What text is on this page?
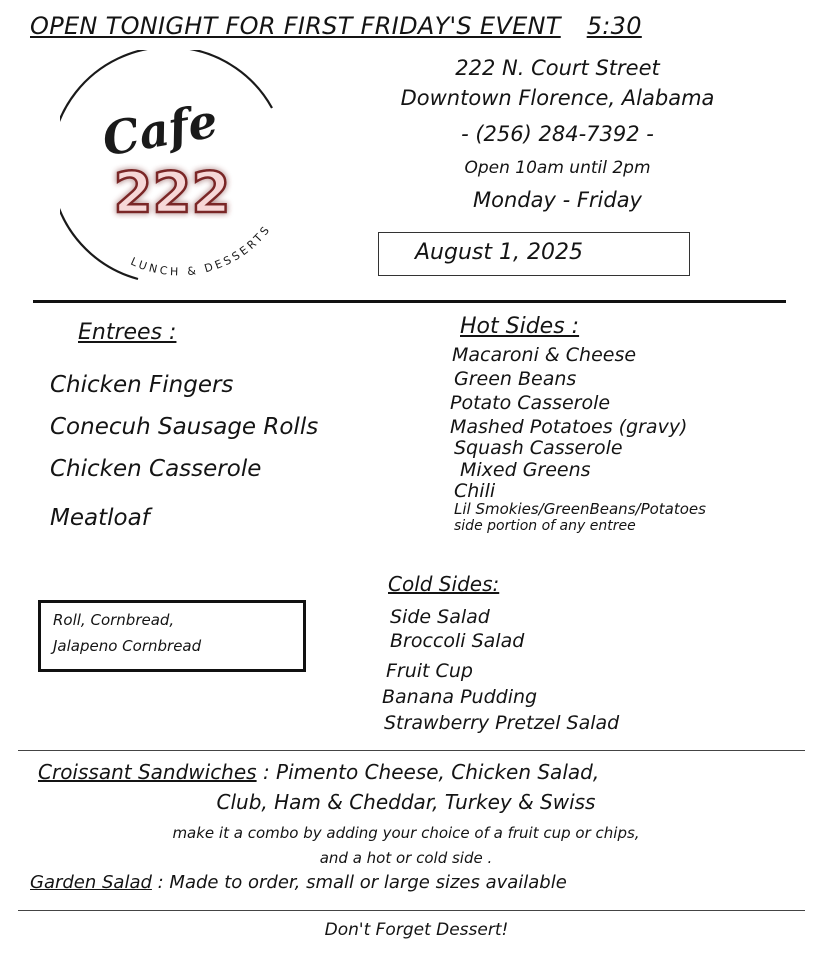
OPEN TONIGHT FOR FIRST FRIDAY'S EVENT 5:30
Cafe
222
LUNCH & DESSERTS
222 N. Court Street
Downtown Florence, Alabama
- (256) 284-7392 -
Open 10am until 2pm
Monday - Friday
August 1, 2025
Entrees :
Chicken Fingers
Conecuh Sausage Rolls
Chicken Casserole
Meatloaf
Hot Sides :
Macaroni & Cheese
Green Beans
Potato Casserole
Mashed Potatoes (gravy)
Squash Casserole
Mixed Greens
Chili
Lil Smokies/GreenBeans/Potatoes
side portion of any entree
Roll, Cornbread,
Jalapeno Cornbread
Cold Sides:
Side Salad
Broccoli Salad
Fruit Cup
Banana Pudding
Strawberry Pretzel Salad
Croissant Sandwiches : Pimento Cheese, Chicken Salad,
Club, Ham & Cheddar, Turkey & Swiss
make it a combo by adding your choice of a fruit cup or chips,
and a hot or cold side .
Garden Salad : Made to order, small or large sizes available
Don't Forget Dessert!
